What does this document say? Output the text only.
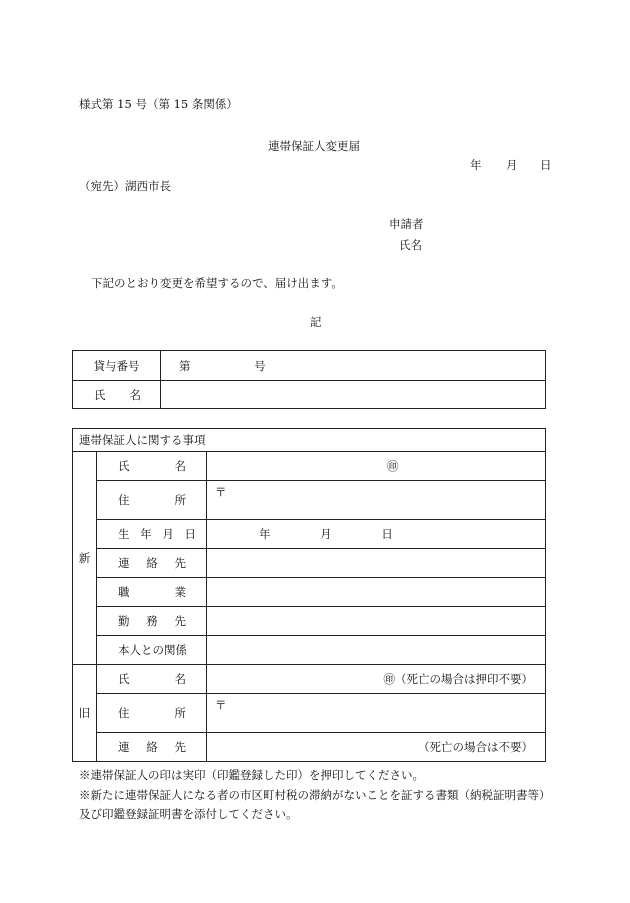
様式第 15 号（第 15 条関係）
連帯保証人変更届
年 月 日
（宛先）湖西市長
申請者
氏名
下記のとおり変更を希望するので、届け出ます。
記
貸与番号	第 号

氏 名	

連帯保証人に関する事項		
新	氏 名	㊞

	住 所	〒

	生 年 月 日	年 月 日

	連 絡 先	

	職 業	

	勤 務 先	

	本人との関係	
旧	氏 名	㊞（死亡の場合は押印不要）

	住 所	〒

	連 絡 先	（死亡の場合は不要）
※連帯保証人の印は実印（印鑑登録した印）を押印してください。
※新たに連帯保証人になる者の市区町村税の滞納がないことを証する書類（納税証明書等）
及び印鑑登録証明書を添付してください。
